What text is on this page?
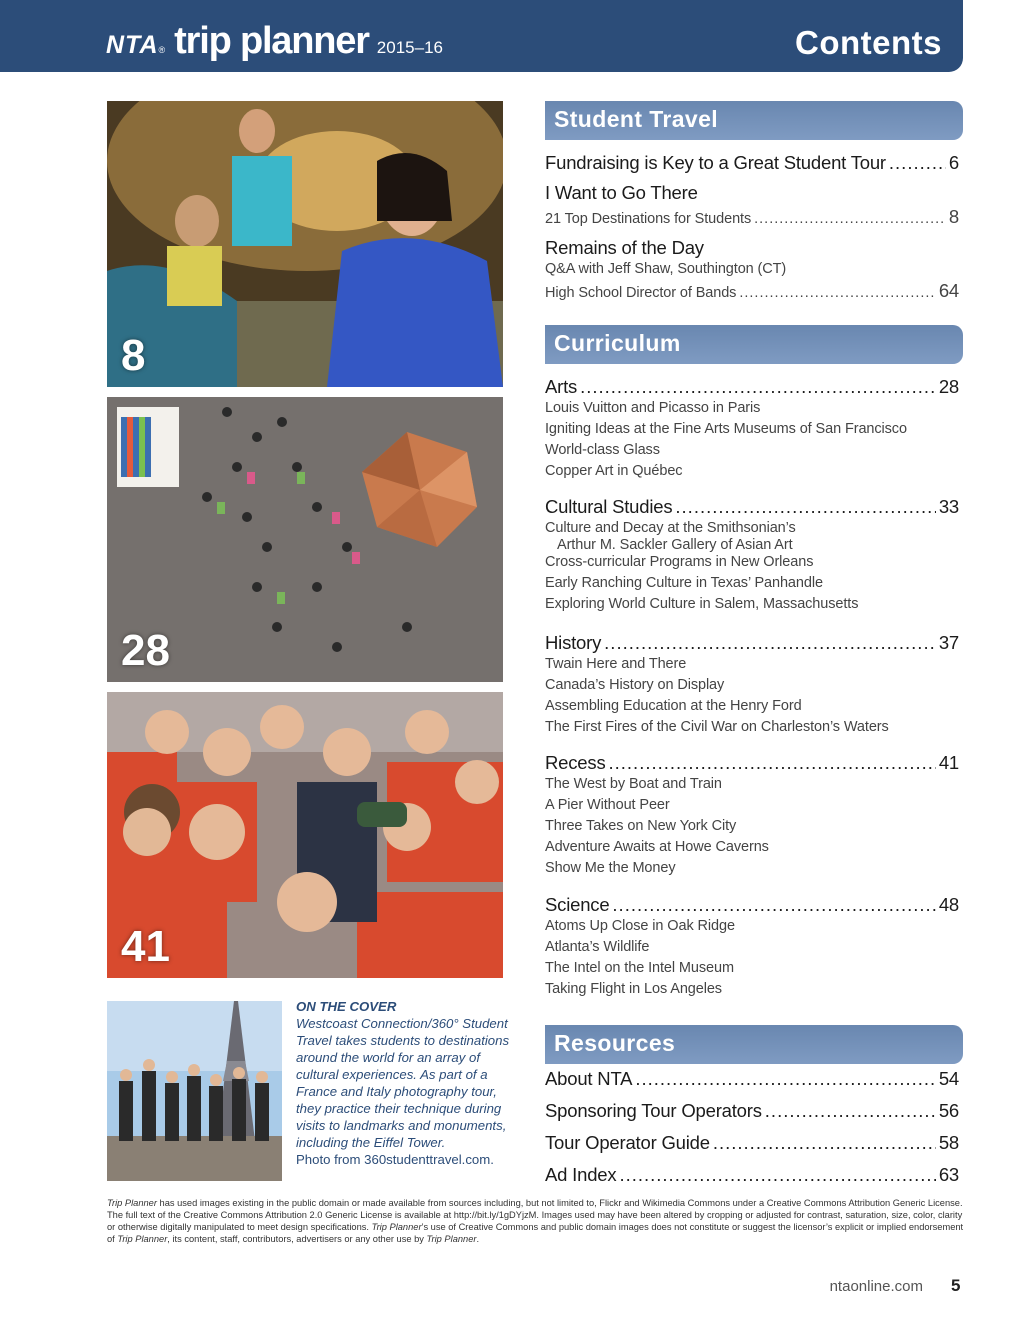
NTA ® trip planner 2015–16	Contents
8
28
41
ON THE COVER
Westcoast Connection/360° Student Travel takes students to destinations around the world for an array of cultural experiences. As part of a France and Italy photography tour, they practice their technique during visits to landmarks and monuments, including the Eiffel Tower.
Photo from 360studenttravel.com.
Student Travel
Fundraising is Key to a Great Student Tour .....	6
I Want to Go There
21 Top Destinations for Students .....	8
Remains of the Day
Q&A with Jeff Shaw, Southington (CT)
High School Director of Bands .....	64
Curriculum
Arts .....	28
Louis Vuitton and Picasso in Paris
Igniting Ideas at the Fine Arts Museums of San Francisco
World-class Glass
Copper Art in Québec
Cultural Studies .....	33
Culture and Decay at the Smithsonian’s
Arthur M. Sackler Gallery of Asian Art
Cross-curricular Programs in New Orleans
Early Ranching Culture in Texas’ Panhandle
Exploring World Culture in Salem, Massachusetts
History .....	37
Twain Here and There
Canada’s History on Display
Assembling Education at the Henry Ford
The First Fires of the Civil War on Charleston’s Waters
Recess .....	41
The West by Boat and Train
A Pier Without Peer
Three Takes on New York City
Adventure Awaits at Howe Caverns
Show Me the Money
Science .....	48
Atoms Up Close in Oak Ridge
Atlanta’s Wildlife
The Intel on the Intel Museum
Taking Flight in Los Angeles
Resources
About NTA .....	54
Sponsoring Tour Operators .....	56
Tour Operator Guide .....	58
Ad Index .....	63
Trip Planner has used images existing in the public domain or made available from sources including, but not limited to, Flickr and Wikimedia Commons under a Creative Commons Attribution Generic License. The full text of the Creative Commons Attribution 2.0 Generic License is available at http://bit.ly/1gDYjzM. Images used may have been altered by cropping or adjusted for contrast, saturation, size, color, clarity or otherwise digitally manipulated to meet design specifications. Trip Planner’s use of Creative Commons and public domain images does not constitute or suggest the licensor’s explicit or implied endorsement of Trip Planner, its content, staff, contributors, advertisers or any other use by Trip Planner.
ntaonline.com 5
